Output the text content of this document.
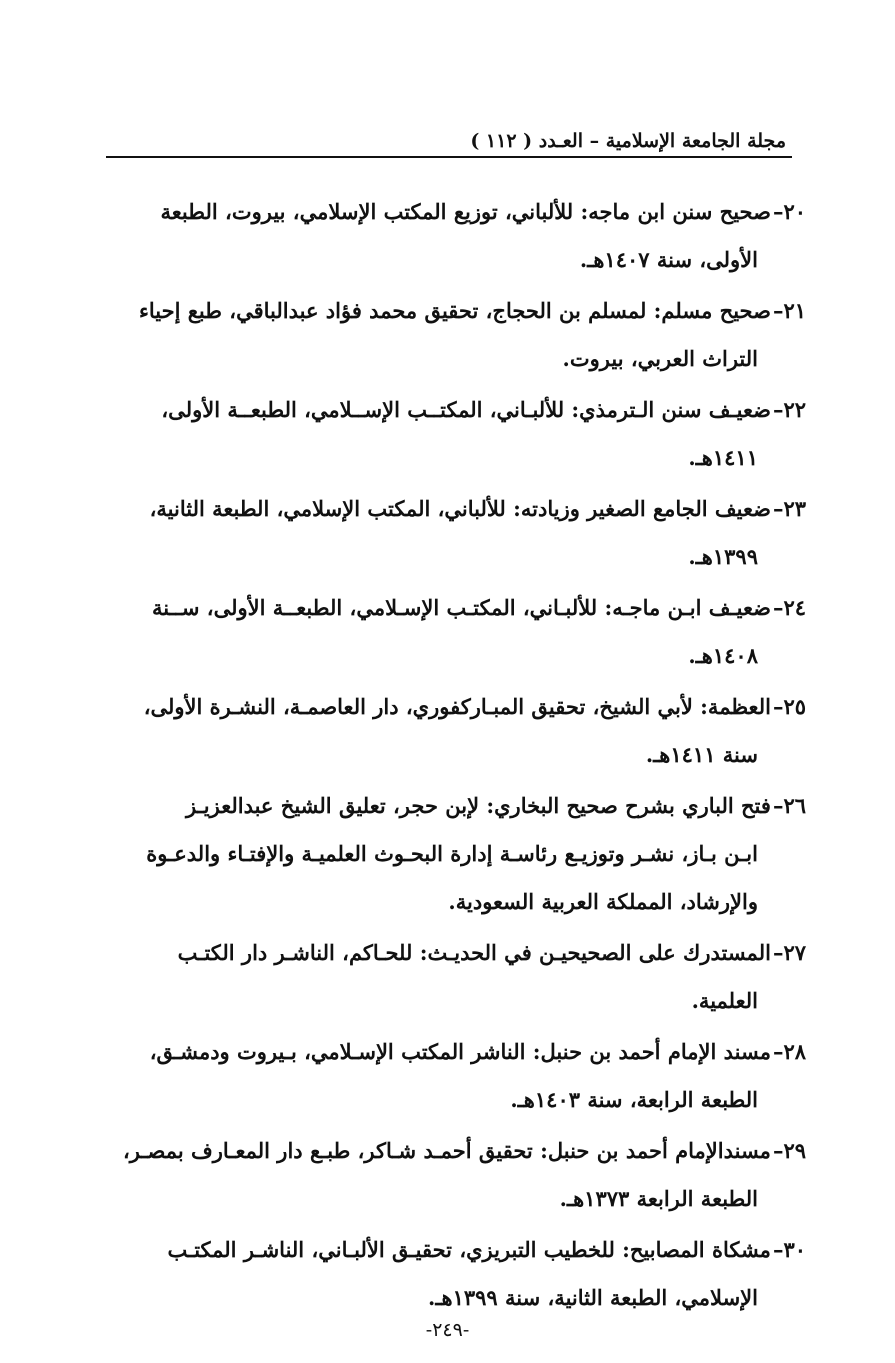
مجلة الجامعة الإسلامية – العـدد ( ١١٢ )
٢٠–صحيح سنن ابن ماجه: للألباني، توزيع المكتب الإسلامي، بيروت، الطبعة
الأولى، سنة ١٤٠٧هـ.
٢١–صحيح مسلم: لمسلم بن الحجاج، تحقيق محمد فؤاد عبدالباقي، طبع إحياء
التراث العربي، بيروت.
٢٢–ضعيـف سنن الـترمذي: للألبـاني، المكتــب الإســلامي، الطبعــة الأولى،
١٤١١هـ.
٢٣–ضعيف الجامع الصغير وزيادته: للألباني، المكتب الإسلامي، الطبعة الثانية،
١٣٩٩هـ.
٢٤–ضعيـف ابـن ماجـه: للألبـاني، المكتـب الإسـلامي، الطبعــة الأولى، ســنة
١٤٠٨هـ.
٢٥–العظمة: لأبي الشيخ، تحقيق المبـاركفوري، دار العاصمـة، النشـرة الأولى،
سنة ١٤١١هـ.
٢٦–فتح الباري بشرح صحيح البخاري: لإبن حجر، تعليق الشيخ عبدالعزيـز
ابـن بـاز، نشـر وتوزيـع رئاسـة إدارة البحـوث العلميـة والإفتـاء والدعـوة
والإرشاد، المملكة العربية السعودية.
٢٧–المستدرك على الصحيحيـن في الحديـث: للحـاكم، الناشـر دار الكتـب
العلمية.
٢٨–مسند الإمام أحمد بن حنبل: الناشر المكتب الإسـلامي، بـيروت ودمشـق،
الطبعة الرابعة، سنة ١٤٠٣هـ.
٢٩–مسندالإمام أحمد بن حنبل: تحقيق أحمـد شـاكر، طبـع دار المعـارف بمصـر،
الطبعة الرابعة ١٣٧٣هـ.
٣٠–مشكاة المصابيح: للخطيب التبريزي، تحقيـق الألبـاني، الناشـر المكتـب
الإسلامي، الطبعة الثانية، سنة ١٣٩٩هـ.
-٢٤٩-
